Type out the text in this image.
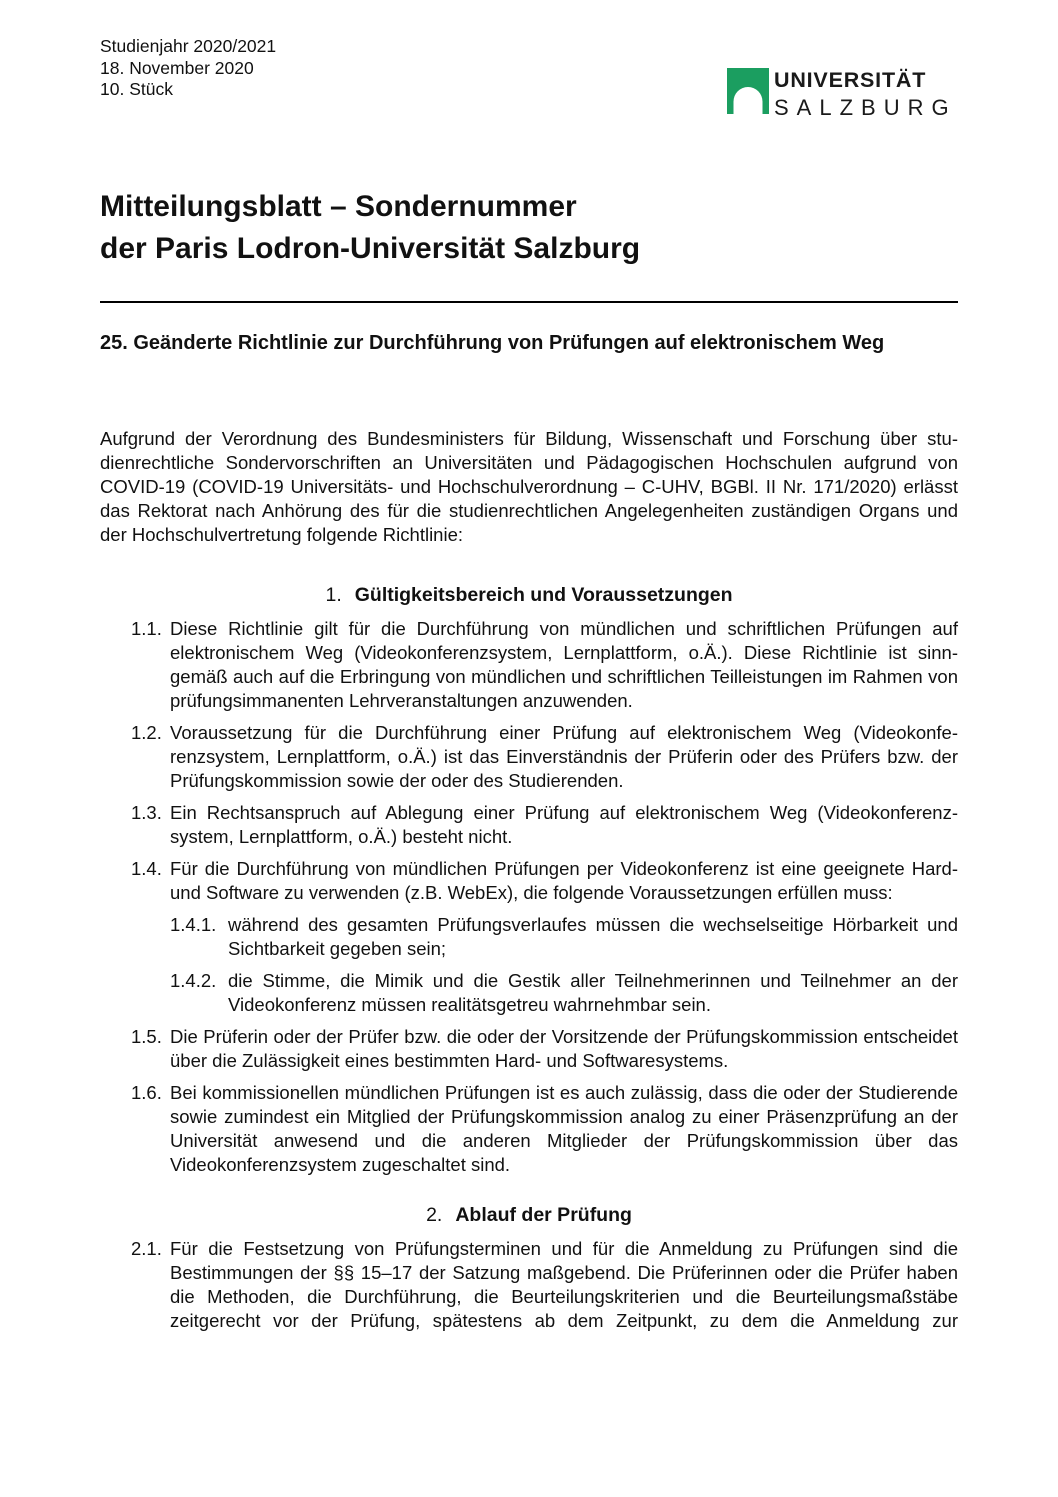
Studienjahr 2020/2021
18. November 2020
10. Stück	UNIVERSITÄT
SALZBURG
Mitteilungsblatt – Sondernummer
der Paris Lodron-Universität Salzburg
25. Geänderte Richtlinie zur Durchführung von Prüfungen auf elektronischem Weg

Aufgrund der Verordnung des Bundesministers für Bildung, Wissenschaft und Forschung über studienrechtliche Sondervorschriften an Universitäten und Pädagogischen Hochschulen aufgrund von COVID-19 (COVID-19 Universitäts- und Hochschulverordnung – C-UHV, BGBl. II Nr. 171/2020) erlässt das Rektorat nach Anhörung des für die studienrechtlichen Angelegenheiten zuständigen Organs und der Hochschulvertretung folgende Richtlinie:

1. Gültigkeitsbereich und Voraussetzungen
1.1. Diese Richtlinie gilt für die Durchführung von mündlichen und schriftlichen Prüfungen auf elektronischem Weg (Videokonferenzsystem, Lernplattform, o.Ä.). Diese Richtlinie ist sinngemäß auch auf die Erbringung von mündlichen und schriftlichen Teilleistungen im Rahmen von prüfungsimmanenten Lehrveranstaltungen anzuwenden.
1.2. Voraussetzung für die Durchführung einer Prüfung auf elektronischem Weg (Videokonferenzsystem, Lernplattform, o.Ä.) ist das Einverständnis der Prüferin oder des Prüfers bzw. der Prüfungskommission sowie der oder des Studierenden.
1.3. Ein Rechtsanspruch auf Ablegung einer Prüfung auf elektronischem Weg (Videokonferenzsystem, Lernplattform, o.Ä.) besteht nicht.
1.4. Für die Durchführung von mündlichen Prüfungen per Videokonferenz ist eine geeignete Hard- und Software zu verwenden (z.B. WebEx), die folgende Voraussetzungen erfüllen muss:
1.4.1. während des gesamten Prüfungsverlaufes müssen die wechselseitige Hörbarkeit und Sichtbarkeit gegeben sein;
1.4.2. die Stimme, die Mimik und die Gestik aller Teilnehmerinnen und Teilnehmer an der Videokonferenz müssen realitätsgetreu wahrnehmbar sein.
1.5. Die Prüferin oder der Prüfer bzw. die oder der Vorsitzende der Prüfungskommission entscheidet über die Zulässigkeit eines bestimmten Hard- und Softwaresystems.
1.6. Bei kommissionellen mündlichen Prüfungen ist es auch zulässig, dass die oder der Studierende sowie zumindest ein Mitglied der Prüfungskommission analog zu einer Präsenzprüfung an der Universität anwesend und die anderen Mitglieder der Prüfungskommission über das Videokonferenzsystem zugeschaltet sind.
2. Ablauf der Prüfung
2.1. Für die Festsetzung von Prüfungsterminen und für die Anmeldung zu Prüfungen sind die Bestimmungen der §§ 15–17 der Satzung maßgebend. Die Prüferinnen oder die Prüfer haben die Methoden, die Durchführung, die Beurteilungskriterien und die Beurteilungsmaßstäbe zeitgerecht vor der Prüfung, spätestens ab dem Zeitpunkt, zu dem die Anmeldung zur
